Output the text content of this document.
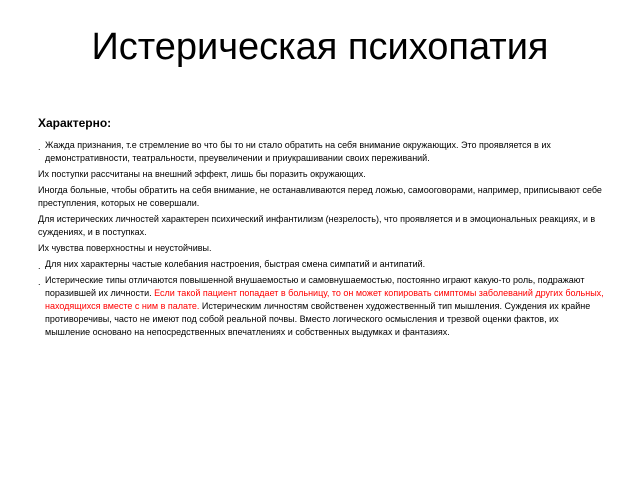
Истерическая психопатия
Характерно:
. Жажда признания, т.е стремление во что бы то ни стало обратить на себя внимание окружающих. Это проявляется в их демонстративности, театральности, преувеличении и приукрашивании своих переживаний.
Их поступки рассчитаны на внешний эффект, лишь бы поразить окружающих.
Иногда больные, чтобы обратить на себя внимание, не останавливаются перед ложью, самооговорами, например, приписывают себе преступления, которых не совершали.
Для истерических личностей характерен психический инфантилизм (незрелость), что проявляется и в эмоциональных реакциях, и в суждениях, и в поступках.
Их чувства поверхностны и неустойчивы.
. Для них характерны частые колебания настроения, быстрая смена симпатий и антипатий.
. Истерические типы отличаются повышенной внушаемостью и самовнушаемостью, постоянно играют какую-то роль, подражают поразившей их личности. Если такой пациент попадает в больницу, то он может копировать симптомы заболеваний других больных, находящихся вместе с ним в палате. Истерическим личностям свойственен художественный тип мышления. Суждения их крайне противоречивы, часто не имеют под собой реальной почвы. Вместо логического осмысления и трезвой оценки фактов, их мышление основано на непосредственных впечатлениях и собственных выдумках и фантазиях.
